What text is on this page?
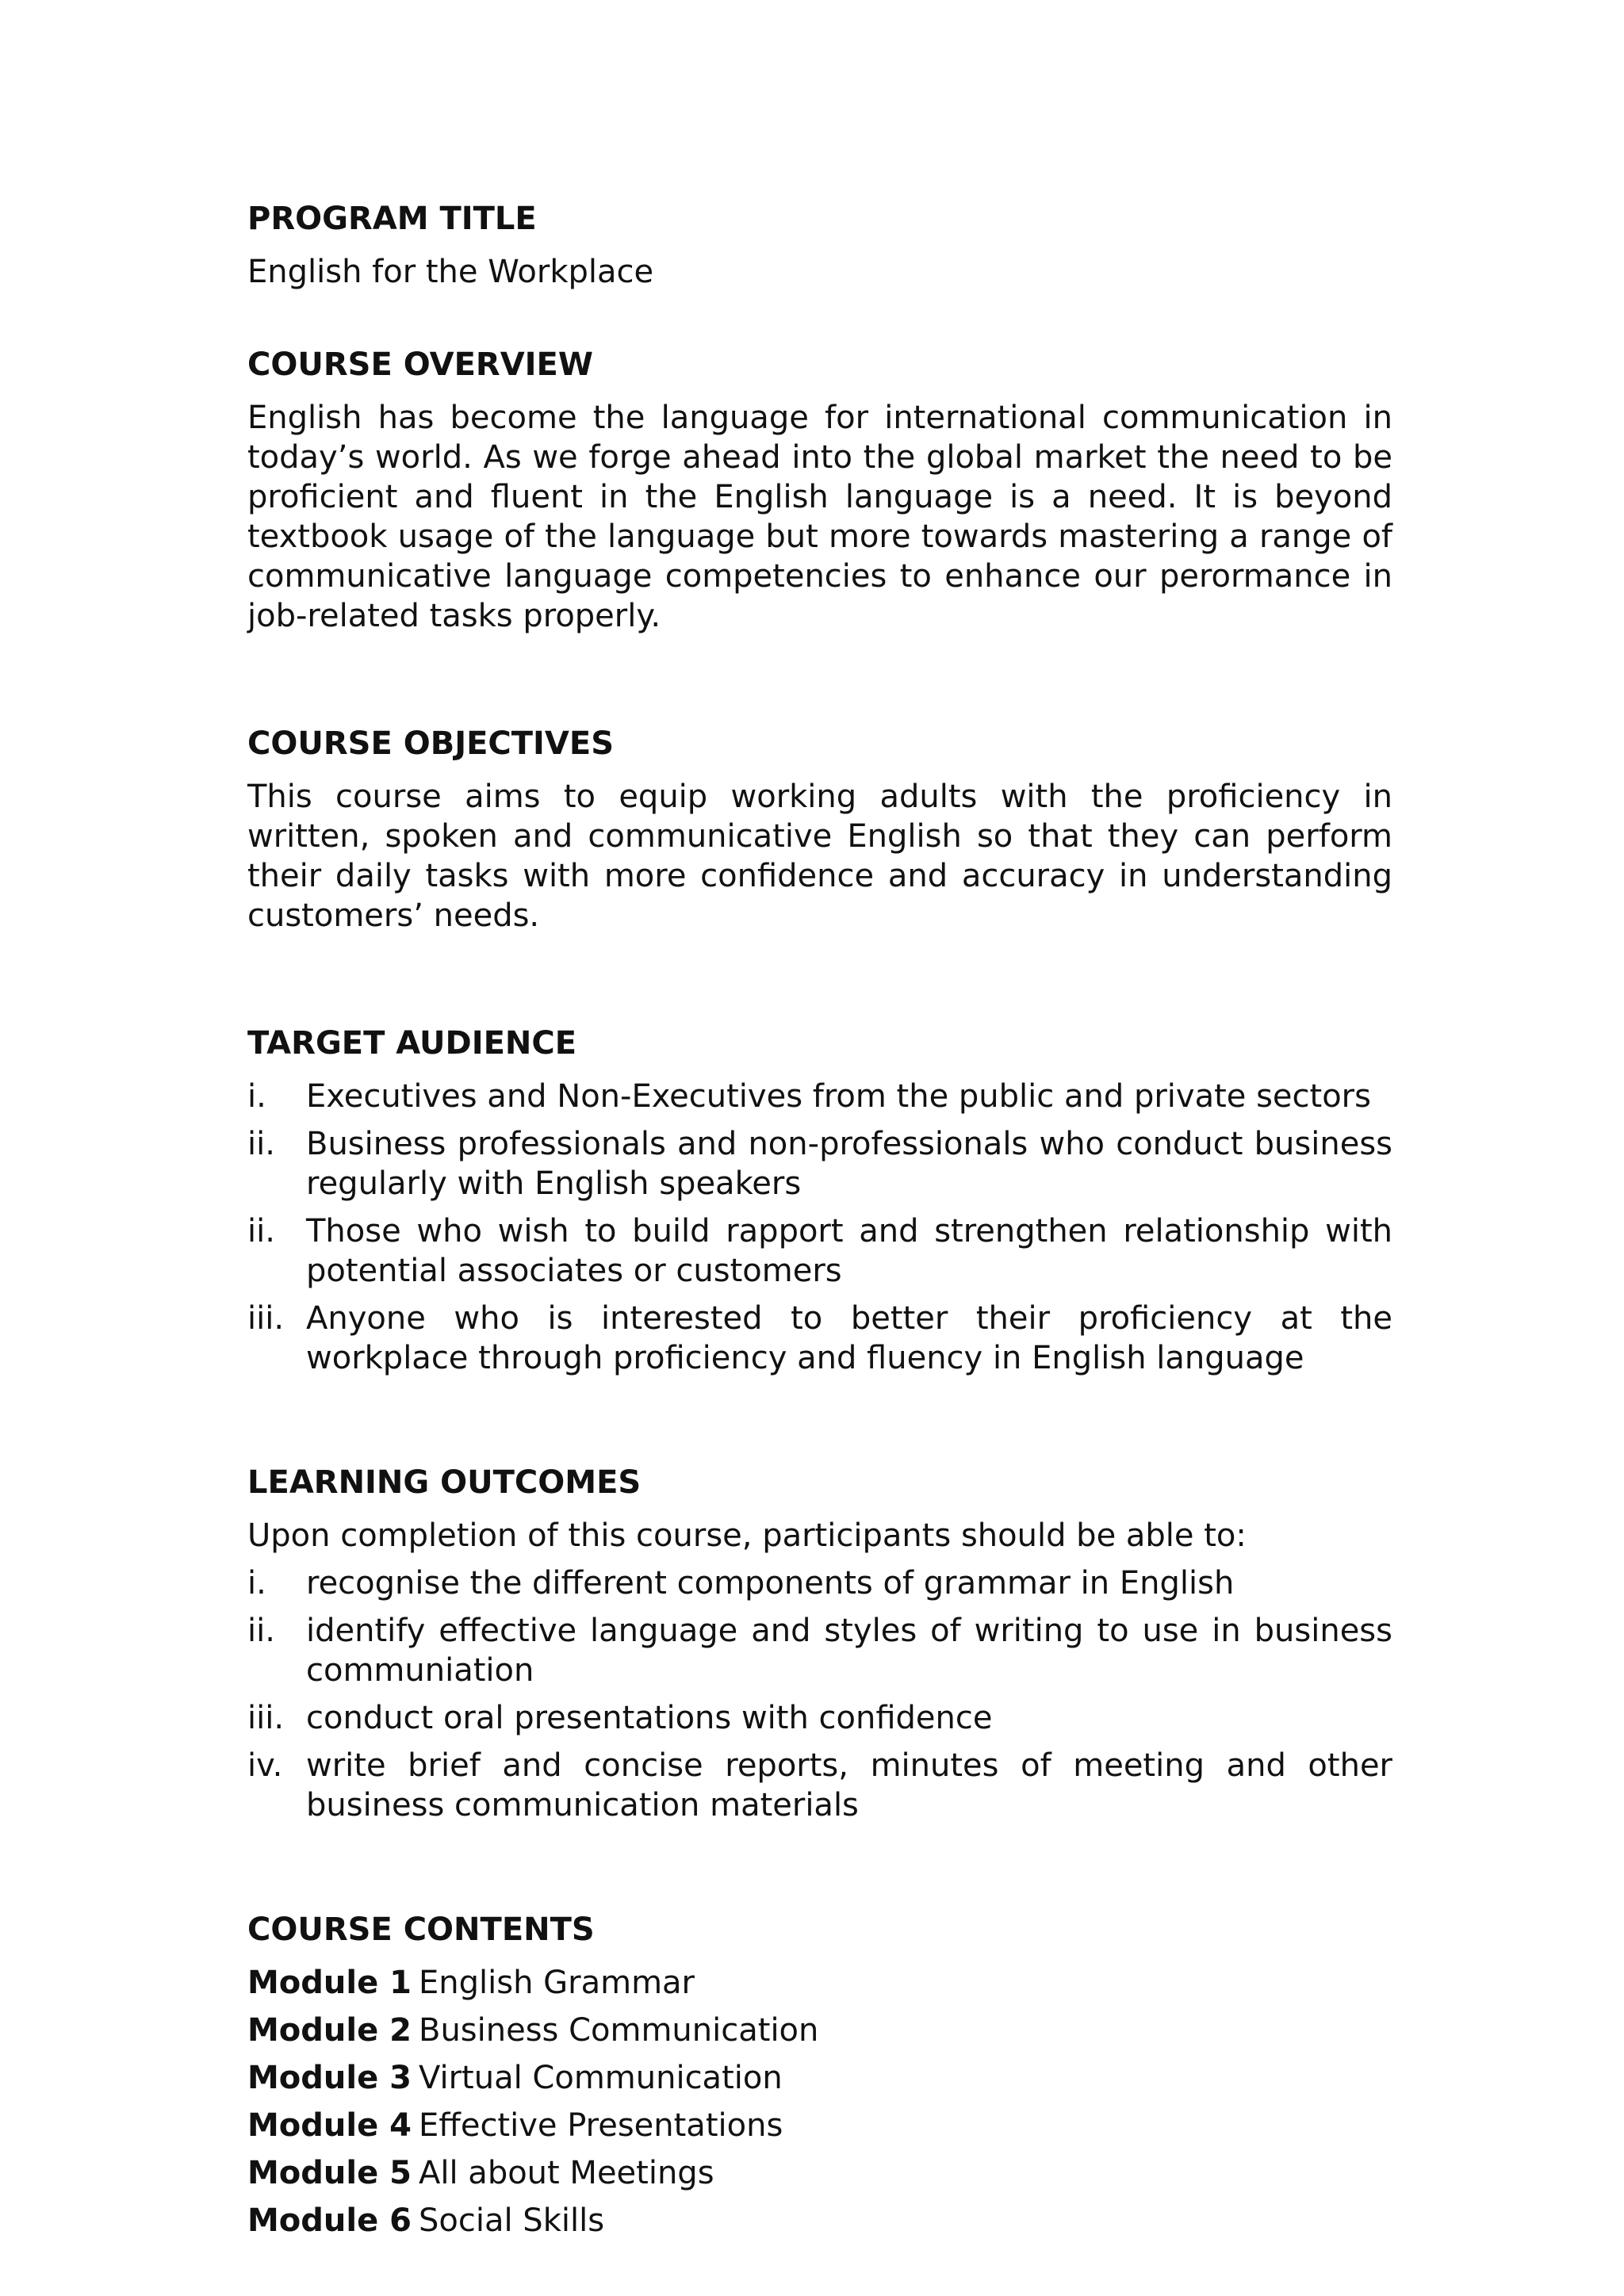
PROGRAM TITLE

English for the Workplace

COURSE OVERVIEW

English has become the language for international communication in today’s world. As we forge ahead into the global market the need to be proficient and fluent in the English language is a need. It is beyond textbook usage of the language but more towards mastering a range of communicative language competencies to enhance our perormance in job-related tasks properly.

COURSE OBJECTIVES

This course aims to equip working adults with the proficiency in written, spoken and communicative English so that they can perform their daily tasks with more confidence and accuracy in understanding customers’ needs.

TARGET AUDIENCE
i.	Executives and Non-Executives from the public and private sectors
ii. Business professionals and non-professionals who conduct business regularly with English speakers
ii. Those who wish to build rapport and strengthen relationship with potential associates or customers
iii. Anyone who is interested to better their proficiency at the workplace through proficiency and fluency in English language
LEARNING OUTCOMES

Upon completion of this course, participants should be able to:

i.	recognise the different components of grammar in English
ii. identify effective language and styles of writing to use in business communiation
iii. conduct oral presentations with confidence
iv. write brief and concise reports, minutes of meeting and other business communication materials
COURSE CONTENTS
Module 1 English Grammar
Module 2 Business Communication
Module 3 Virtual Communication
Module 4 Effective Presentations
Module 5 All about Meetings
Module 6 Social Skills
